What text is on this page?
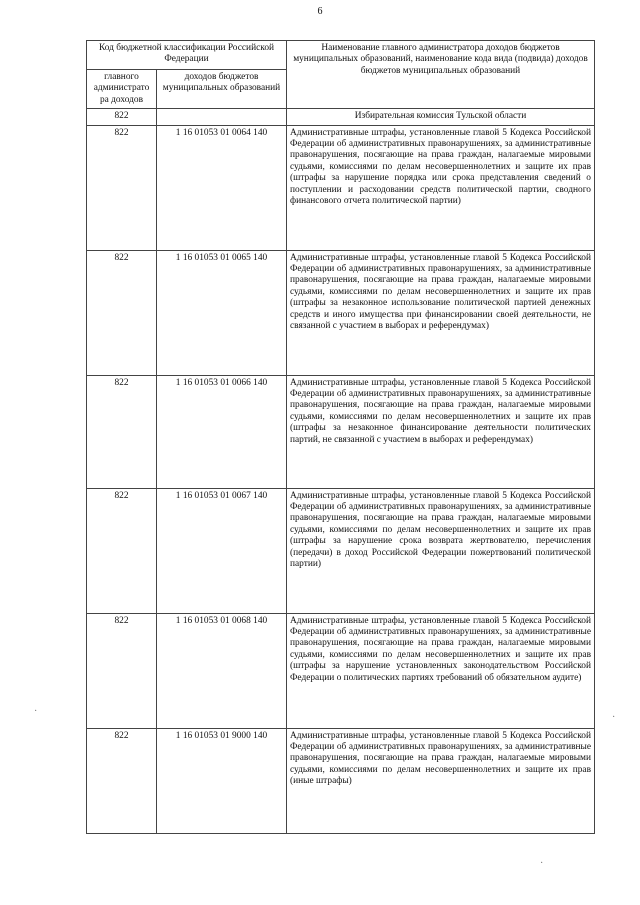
6
Код бюджетной классификации Российской Федерации		Наименование главного администратора доходов бюджетов муниципальных образований, наименование кода вида (подвида) доходов бюджетов муниципальных образований
главного администрато ра доходов	доходов бюджетов муниципальных образований	
822		Избирательная комиссия Тульской области
822	1 16 01053 01 0064 140	Административные штрафы, установленные главой 5 Кодекса Российской Федерации об административных правонарушениях, за административные правонарушения, посягающие на права граждан, налагаемые мировыми судьями, комиссиями по делам несовершеннолетних и защите их прав (штрафы за нарушение порядка или срока представления сведений о поступлении и расходовании средств политической партии, сводного финансового отчета политической партии)
822	1 16 01053 01 0065 140	Административные штрафы, установленные главой 5 Кодекса Российской Федерации об административных правонарушениях, за административные правонарушения, посягающие на права граждан, налагаемые мировыми судьями, комиссиями по делам несовершеннолетних и защите их прав (штрафы за незаконное использование политической партией денежных средств и иного имущества при финансировании своей деятельности, не связанной с участием в выборах и референдумах)
822	1 16 01053 01 0066 140	Административные штрафы, установленные главой 5 Кодекса Российской Федерации об административных правонарушениях, за административные правонарушения, посягающие на права граждан, налагаемые мировыми судьями, комиссиями по делам несовершеннолетних и защите их прав (штрафы за незаконное финансирование деятельности политических партий, не связанной с участием в выборах и референдумах)
822	1 16 01053 01 0067 140	Административные штрафы, установленные главой 5 Кодекса Российской Федерации об административных правонарушениях, за административные правонарушения, посягающие на права граждан, налагаемые мировыми судьями, комиссиями по делам несовершеннолетних и защите их прав (штрафы за нарушение срока возврата жертвователю, перечисления (передачи) в доход Российской Федерации пожертвований политической партии)
822	1 16 01053 01 0068 140	Административные штрафы, установленные главой 5 Кодекса Российской Федерации об административных правонарушениях, за административные правонарушения, посягающие на права граждан, налагаемые мировыми судьями, комиссиями по делам несовершеннолетних и защите их прав (штрафы за нарушение установленных законодательством Российской Федерации о политических партиях требований об обязательном аудите)
822	1 16 01053 01 9000 140	Административные штрафы, установленные главой 5 Кодекса Российской Федерации об административных правонарушениях, за административные правонарушения, посягающие на права граждан, налагаемые мировыми судьями, комиссиями по делам несовершеннолетних и защите их прав (иные штрафы)
·
·
·
